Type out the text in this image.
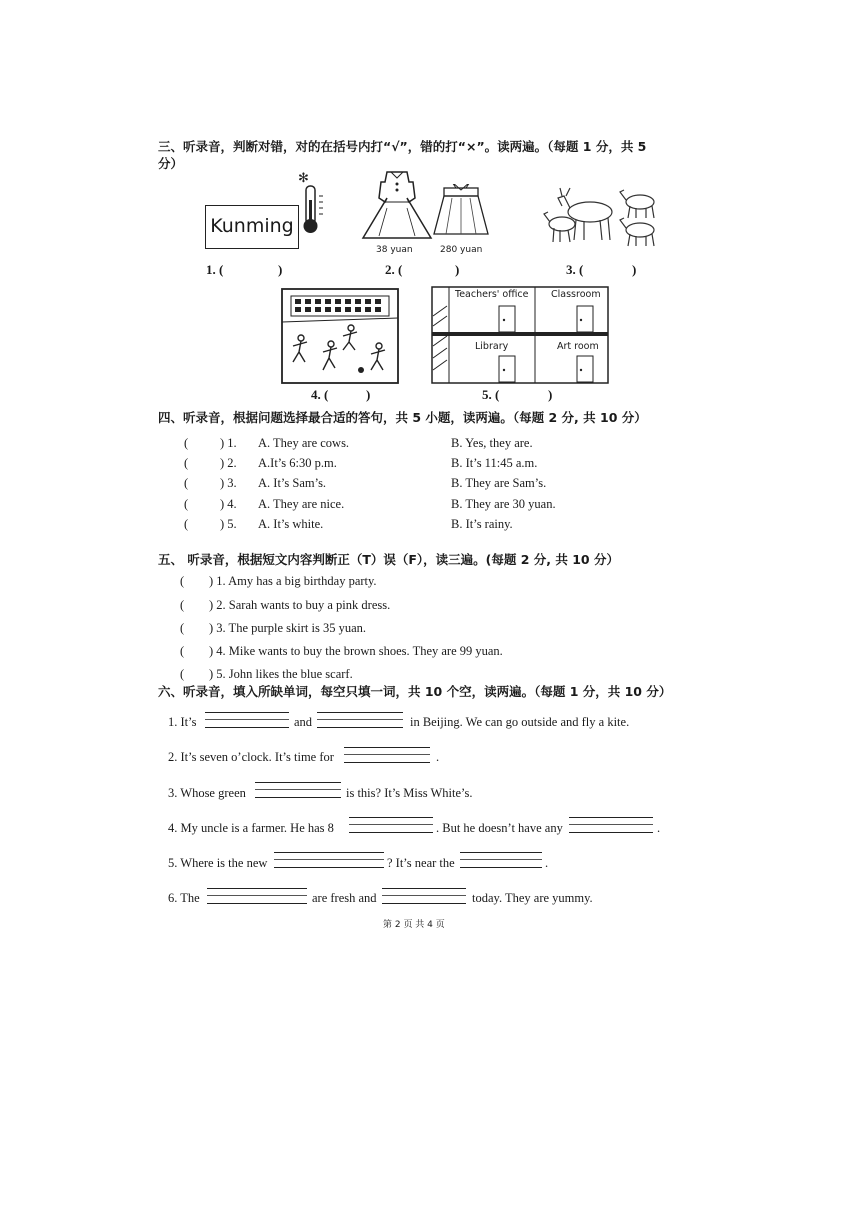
三、听录音，判断对错，对的在括号内打“√”，错的打“×”。读两遍。（每题 1 分，共 5
分）
Kunming
✻
38 yuan	280 yuan
1. (	)	2. (	)	3. (	)
Teachers' office Classroom
Library	Art room
4. (	)	5. (	)
四、听录音，根据问题选择最合适的答句，共 5 小题，读两遍。（每题 2 分, 共 10 分）
(	) 1. A. They are cows.	B. Yes, they are.
(	) 2. A.It’s 6:30 p.m.	B. It’s 11:45 a.m.
(	) 3. A. It’s Sam’s.	B. They are Sam’s.
(	) 4. A. They are nice.	B. They are 30 yuan.
(	) 5. A. It’s white.	B. It’s rainy.
五、 听录音，根据短文内容判断正（T）误（F），读三遍。(每题 2 分, 共 10 分）
( ) 1. Amy has a big birthday party.
( ) 2. Sarah wants to buy a pink dress.
( ) 3. The purple skirt is 35 yuan.
( ) 4. Mike wants to buy the brown shoes. They are 99 yuan.
( ) 5. John likes the blue scarf.
六、听录音，填入所缺单词，每空只填一词，共 10 个空，读两遍。（每题 1 分，共 10 分）
1. It’s	and	in Beijing. We can go outside and fly a kite.
2. It’s seven o’clock. It’s time for	.
3. Whose green	is this? It’s Miss White’s.
4. My uncle is a farmer. He has 8	. But he doesn’t have any	.
5. Where is the new	? It’s near the	.
6. The	are fresh and	today. They are yummy.
第 2 页 共 4 页
